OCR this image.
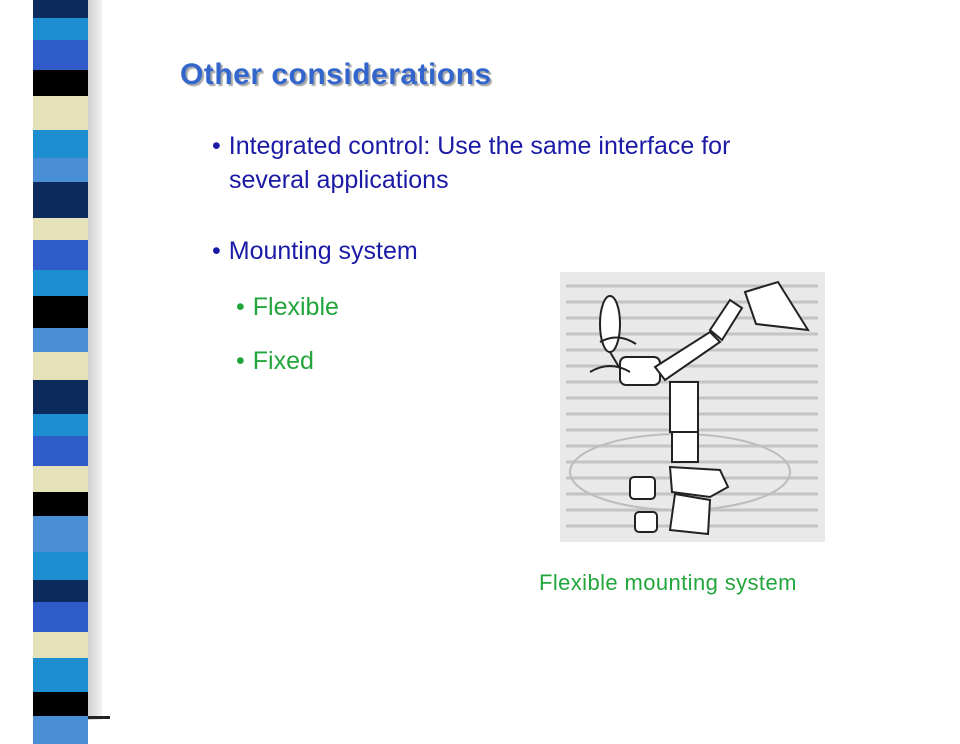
Other considerations
• Integrated control: Use the same interface for
several applications
• Mounting system
• Flexible
• Fixed
Flexible mounting system
